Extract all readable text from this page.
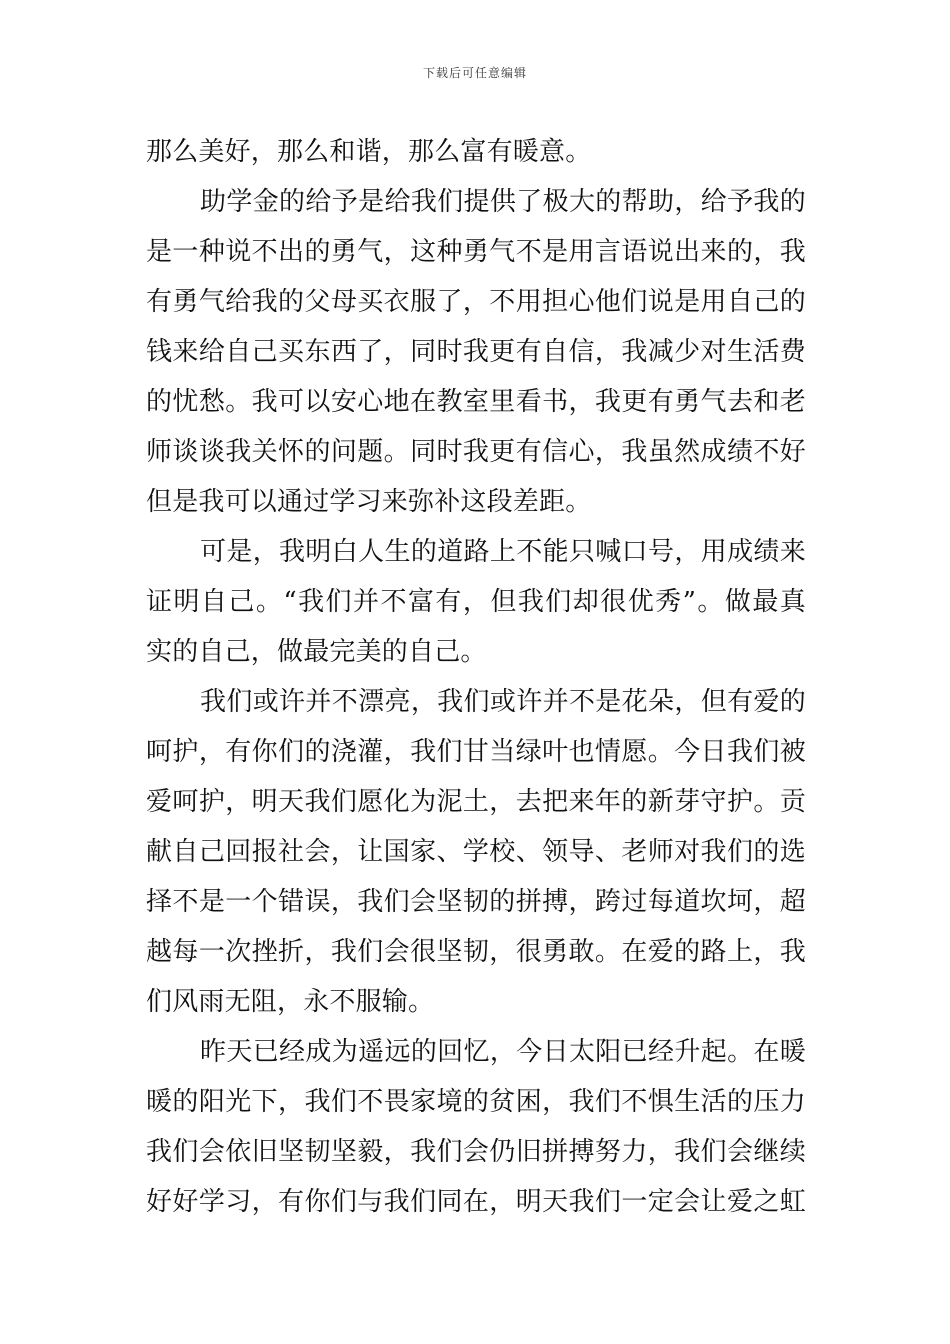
下载后可任意编辑
那么美好，那么和谐，那么富有暖意。
助学金的给予是给我们提供了极大的帮助，给予我的
是一种说不出的勇气，这种勇气不是用言语说出来的，我
有勇气给我的父母买衣服了，不用担心他们说是用自己的
钱来给自己买东西了，同时我更有自信，我减少对生活费
的忧愁。我可以安心地在教室里看书，我更有勇气去和老
师谈谈我关怀的问题。同时我更有信心，我虽然成绩不好
但是我可以通过学习来弥补这段差距。
可是，我明白人生的道路上不能只喊口号，用成绩来
证明自己。“我们并不富有，但我们却很优秀”。做最真
实的自己，做最完美的自己。
我们或许并不漂亮，我们或许并不是花朵，但有爱的
呵护，有你们的浇灌，我们甘当绿叶也情愿。今日我们被
爱呵护，明天我们愿化为泥土，去把来年的新芽守护。贡
献自己回报社会，让国家、学校、领导、老师对我们的选
择不是一个错误，我们会坚韧的拼搏，跨过每道坎坷，超
越每一次挫折，我们会很坚韧，很勇敢。在爱的路上，我
们风雨无阻，永不服输。
昨天已经成为遥远的回忆，今日太阳已经升起。在暖
暖的阳光下，我们不畏家境的贫困，我们不惧生活的压力
我们会依旧坚韧坚毅，我们会仍旧拼搏努力，我们会继续
好好学习，有你们与我们同在，明天我们一定会让爱之虹
